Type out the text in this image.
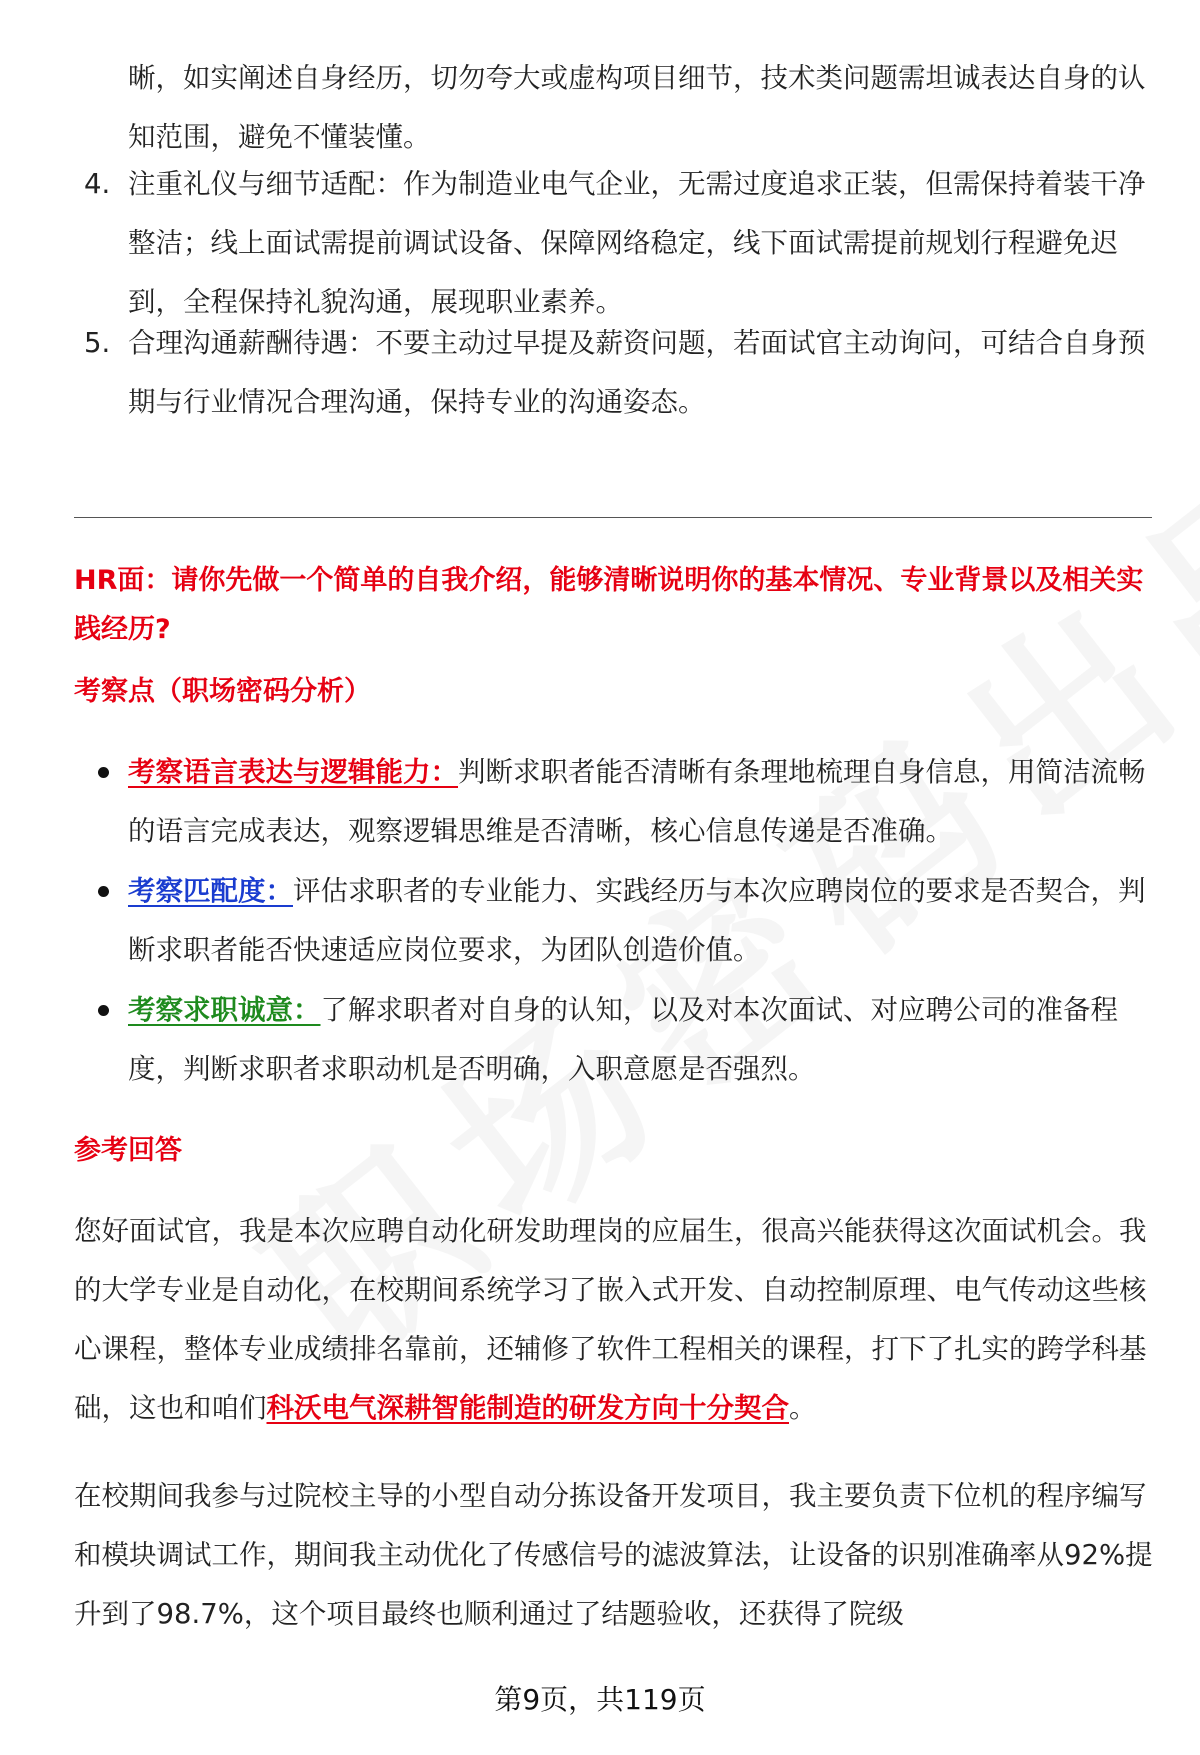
晰，如实阐述自身经历，切勿夸大或虚构项目细节，技术类问题需坦诚表达自身的认知范围，避免不懂装懂。
4. 注重礼仪与细节适配：作为制造业电气企业，无需过度追求正装，但需保持着装干净整洁；线上面试需提前调试设备、保障网络稳定，线下面试需提前规划行程避免迟到，全程保持礼貌沟通，展现职业素养。
5. 合理沟通薪酬待遇：不要主动过早提及薪资问题，若面试官主动询问，可结合自身预期与行业情况合理沟通，保持专业的沟通姿态。
HR面：请你先做一个简单的自我介绍，能够清晰说明你的基本情况、专业背景以及相关实践经历?
考察点（职场密码分析）
考察语言表达与逻辑能力：判断求职者能否清晰有条理地梳理自身信息，用简洁流畅的语言完成表达，观察逻辑思维是否清晰，核心信息传递是否准确。
考察匹配度：评估求职者的专业能力、实践经历与本次应聘岗位的要求是否契合，判断求职者能否快速适应岗位要求，为团队创造价值。
考察求职诚意：了解求职者对自身的认知，以及对本次面试、对应聘公司的准备程度，判断求职者求职动机是否明确，入职意愿是否强烈。
参考回答
您好面试官，我是本次应聘自动化研发助理岗的应届生，很高兴能获得这次面试机会。我的大学专业是自动化，在校期间系统学习了嵌入式开发、自动控制原理、电气传动这些核心课程，整体专业成绩排名靠前，还辅修了软件工程相关的课程，打下了扎实的跨学科基础，这也和咱们科沃电气深耕智能制造的研发方向十分契合。
在校期间我参与过院校主导的小型自动分拣设备开发项目，我主要负责下位机的程序编写和模块调试工作，期间我主动优化了传感信号的滤波算法，让设备的识别准确率从92%提升到了98.7%，这个项目最终也顺利通过了结题验收，还获得了院级
第9页，共119页
